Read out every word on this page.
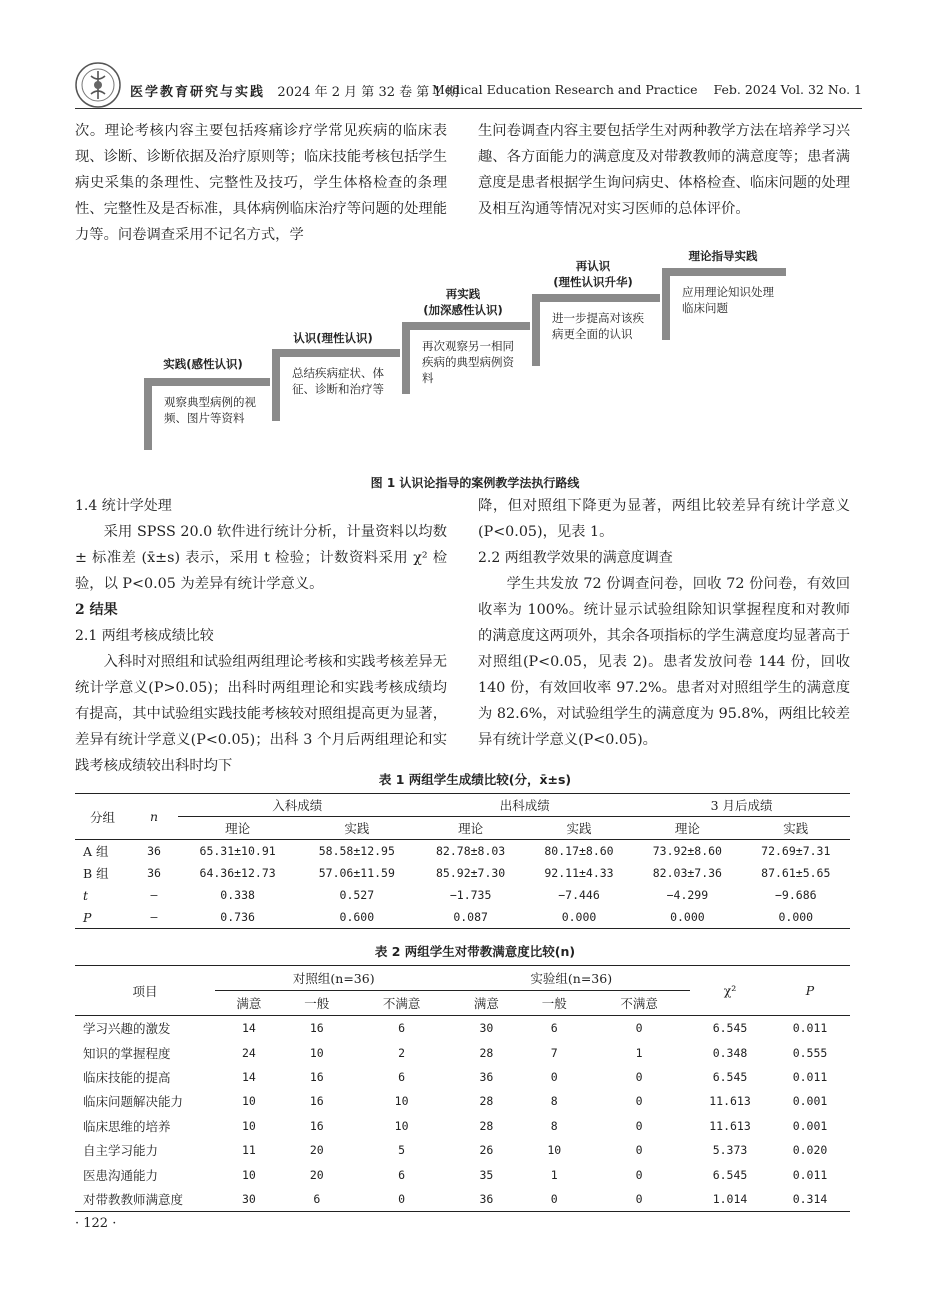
医学教育研究与实践 2024 年 2 月 第 32 卷 第 1 期
Medical Education Research and Practice Feb. 2024 Vol. 32 No. 1
次。理论考核内容主要包括疼痛诊疗学常见疾病的临床表现、诊断、诊断依据及治疗原则等；临床技能考核包括学生病史采集的条理性、完整性及技巧，学生体格检查的条理性、完整性及是否标准，具体病例临床治疗等问题的处理能力等。问卷调查采用不记名方式，学
生问卷调查内容主要包括学生对两种教学方法在培养学习兴趣、各方面能力的满意度及对带教教师的满意度等；患者满意度是患者根据学生询问病史、体格检查、临床问题的处理及相互沟通等情况对实习医师的总体评价。
实践(感性认识)
观察典型病例的视频、图片等资料
认识(理性认识)
总结疾病症状、体征、诊断和治疗等
再实践
(加深感性认识)
再次观察另一相同疾病的典型病例资料
再认识
(理性认识升华)
进一步提高对该疾病更全面的认识
理论指导实践
应用理论知识处理临床问题
图 1 认识论指导的案例教学法执行路线
1.4 统计学处理
采用 SPSS 20.0 软件进行统计分析，计量资料以均数 ± 标准差 (x̄±s) 表示，采用 t 检验；计数资料采用 χ² 检验，以 P<0.05 为差异有统计学意义。
2 结果
2.1 两组考核成绩比较
入科时对照组和试验组两组理论考核和实践考核差异无统计学意义(P>0.05)；出科时两组理论和实践考核成绩均有提高，其中试验组实践技能考核较对照组提高更为显著，差异有统计学意义(P<0.05)；出科 3 个月后两组理论和实践考核成绩较出科时均下
降，但对照组下降更为显著，两组比较差异有统计学意义(P<0.05)，见表 1。
2.2 两组教学效果的满意度调查
学生共发放 72 份调查问卷，回收 72 份问卷，有效回收率为 100%。统计显示试验组除知识掌握程度和对教师的满意度这两项外，其余各项指标的学生满意度均显著高于对照组(P<0.05，见表 2)。患者发放问卷 144 份，回收 140 份，有效回收率 97.2%。患者对对照组学生的满意度为 82.6%，对试验组学生的满意度为 95.8%，两组比较差异有统计学意义(P<0.05)。
表 1 两组学生成绩比较(分，x̄±s)
分组	n	入科成绩		出科成绩		3 月后成绩	
		理论	实践	理论	实践	理论	实践
A 组	36	65.31±10.91	58.58±12.95	82.78±8.03	80.17±8.60	73.92±8.60	72.69±7.31
B 组	36	64.36±12.73	57.06±11.59	85.92±7.30	92.11±4.33	82.03±7.36	87.61±5.65
t	—	0.338	0.527	−1.735	−7.446	−4.299	−9.686
P	—	0.736	0.600	0.087	0.000	0.000	0.000
表 2 两组学生对带教满意度比较(n)
项目	对照组(n=36)			实验组(n=36)			χ²	P
	满意	一般	不满意	满意	一般	不满意		
学习兴趣的激发	14	16	6	30	6	0	6.545	0.011
知识的掌握程度	24	10	2	28	7	1	0.348	0.555
临床技能的提高	14	16	6	36	0	0	6.545	0.011
临床问题解决能力	10	16	10	28	8	0	11.613	0.001
临床思维的培养	10	16	10	28	8	0	11.613	0.001
自主学习能力	11	20	5	26	10	0	5.373	0.020
医患沟通能力	10	20	6	35	1	0	6.545	0.011
对带教教师满意度	30	6	0	36	0	0	1.014	0.314
· 122 ·
